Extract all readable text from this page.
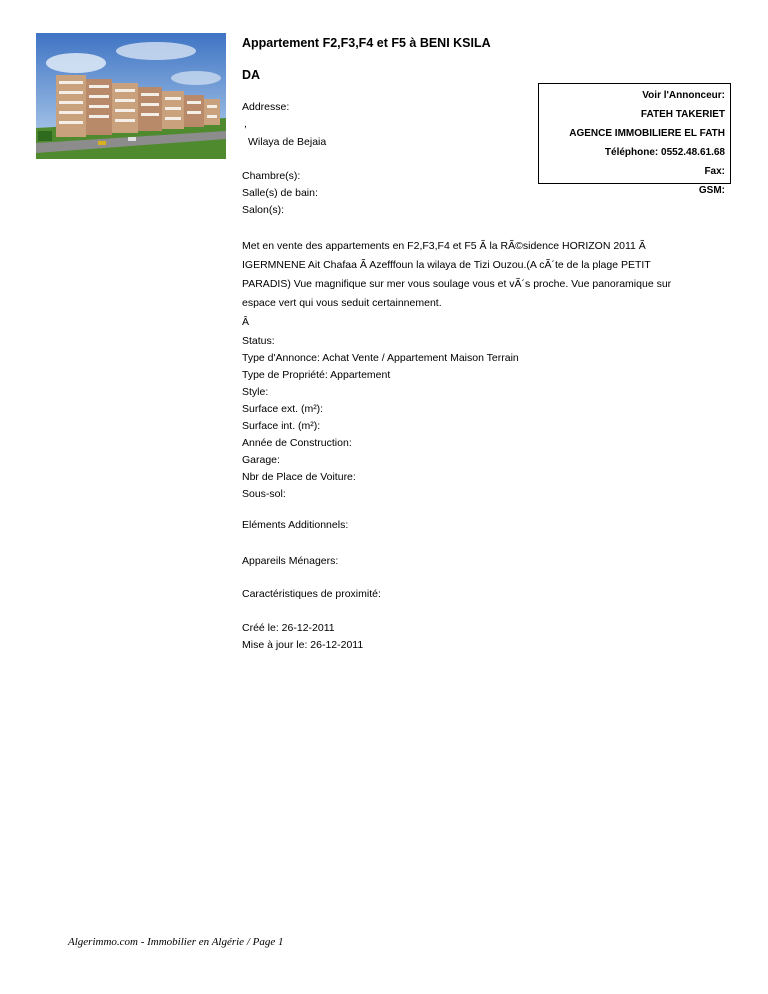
Appartement F2,F3,F4 et F5 à BENI KSILA
DA
Voir l'Annonceur:
FATEH TAKERIET
AGENCE IMMOBILIERE EL FATH
Téléphone: 0552.48.61.68
Fax:
GSM:
Addresse:
,
Wilaya de Bejaia
Chambre(s):
Salle(s) de bain:
Salon(s):

Met en vente des appartements en F2,F3,F4 et F5 Ã la RÃ©sidence HORIZON 2011 Ã IGERMNENE Ait Chafaa Ã Azefffoun la wilaya de Tizi Ouzou.(A cÃ´te de la plage PETIT PARADIS) Vue magnifique sur mer vous soulage vous et vÃ´s proche. Vue panoramique sur espace vert qui vous seduit certainnement.

Â

Status:
Type d'Annonce: Achat Vente / Appartement Maison Terrain
Type de Propriété: Appartement
Style:
Surface ext. (m²):
Surface int. (m²):
Année de Construction:
Garage:
Nbr de Place de Voiture:
Sous-sol:
Eléments Additionnels:
Appareils Ménagers:
Caractéristiques de proximité:
Créé le: 26-12-2011
Mise à jour le: 26-12-2011
Algerimmo.com - Immobilier en Algérie / Page 1
